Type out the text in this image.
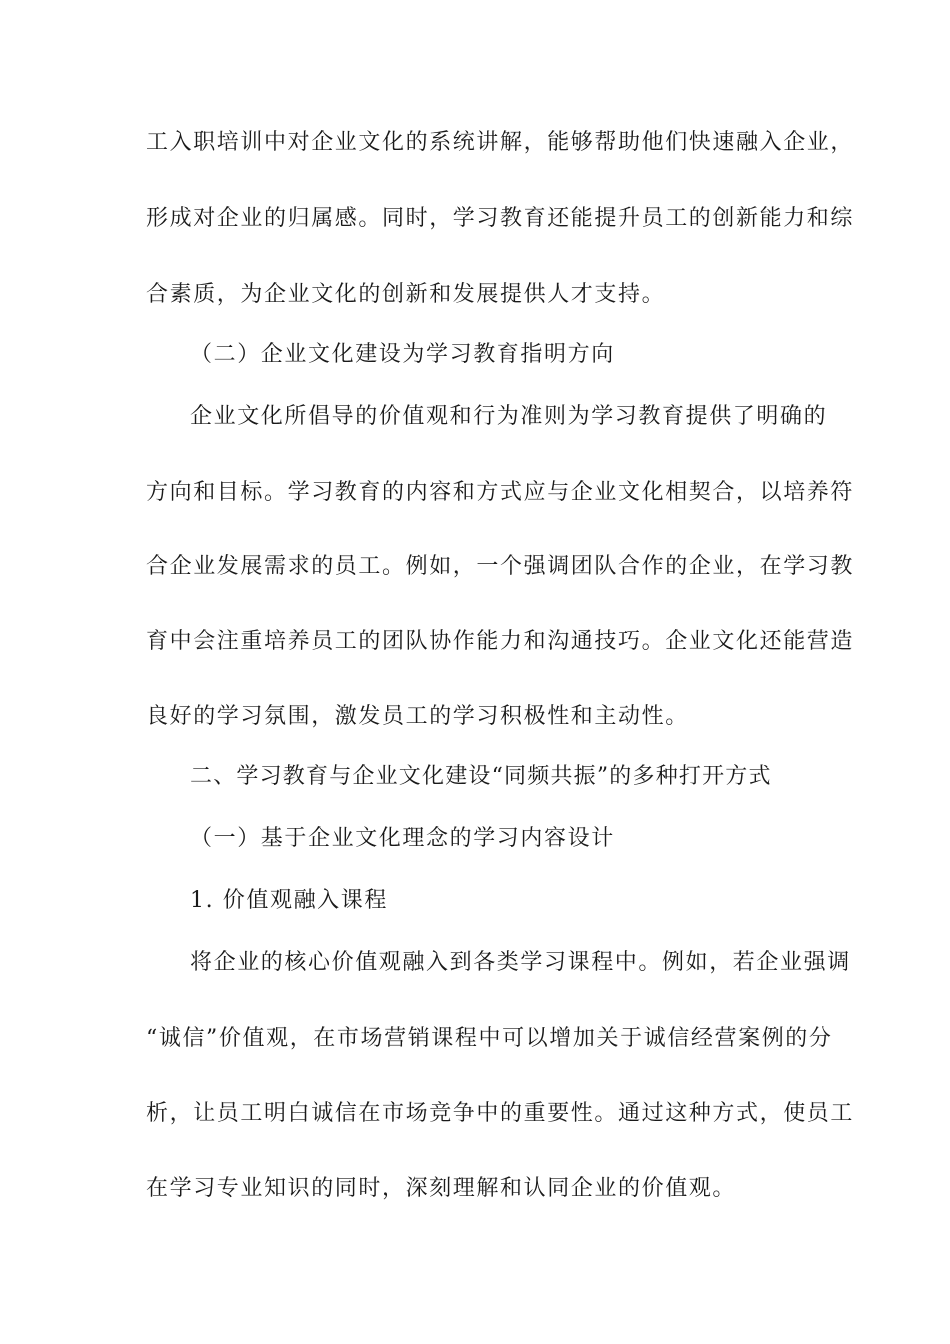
工入职培训中对企业文化的系统讲解，能够帮助他们快速融入企业，
形成对企业的归属感。同时，学习教育还能提升员工的创新能力和综
合素质，为企业文化的创新和发展提供人才支持。
（二）企业文化建设为学习教育指明方向
企业文化所倡导的价值观和行为准则为学习教育提供了明确的
方向和目标。学习教育的内容和方式应与企业文化相契合，以培养符
合企业发展需求的员工。例如，一个强调团队合作的企业，在学习教
育中会注重培养员工的团队协作能力和沟通技巧。企业文化还能营造
良好的学习氛围，激发员工的学习积极性和主动性。
二、学习教育与企业文化建设“同频共振”的多种打开方式
（一）基于企业文化理念的学习内容设计
1. 价值观融入课程
将企业的核心价值观融入到各类学习课程中。例如，若企业强调
“诚信”价值观，在市场营销课程中可以增加关于诚信经营案例的分
析，让员工明白诚信在市场竞争中的重要性。通过这种方式，使员工
在学习专业知识的同时，深刻理解和认同企业的价值观。
